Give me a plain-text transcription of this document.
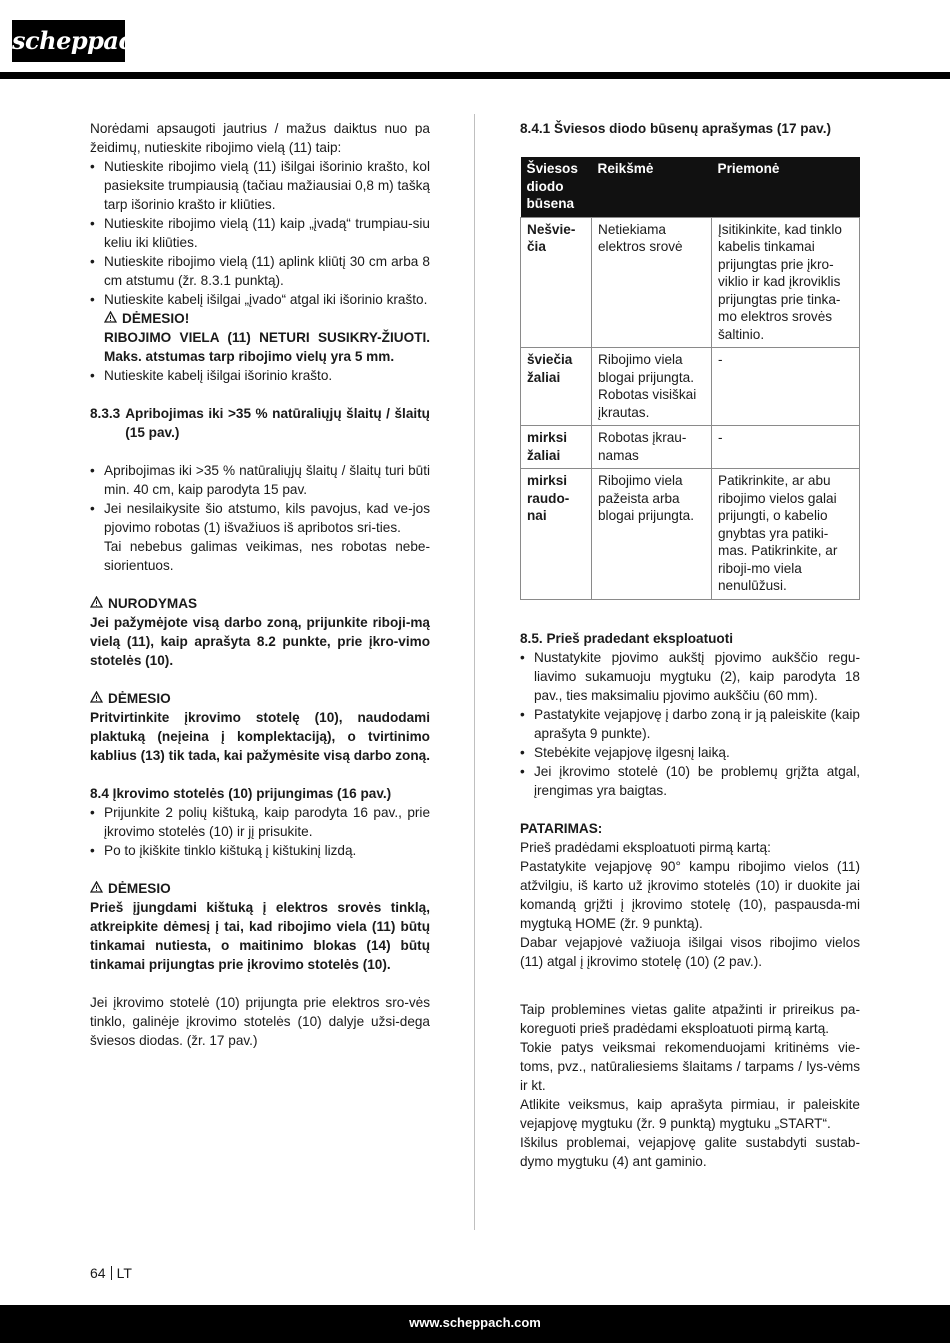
scheppach

Norėdami apsaugoti jautrius / mažus daiktus nuo pa žeidimų, nutieskite ribojimo vielą (11) taip:

• Nutieskite ribojimo vielą (11) išilgai išorinio krašto, kol pasieksite trumpiausią (tačiau mažiausiai 0,8 m) tašką tarp išorinio krašto ir kliūties.
• Nutieskite ribojimo vielą (11) kaip „įvadą“ trumpiau-siu keliu iki kliūties.
• Nutieskite ribojimo vielą (11) aplink kliūtį 30 cm arba 8 cm atstumu (žr. 8.3.1 punktą).
• Nutieskite kabelį išilgai „įvado“ atgal iki išorinio krašto.
DĖMESIO!

RIBOJIMO VIELA (11) NETURI SUSIKRY-ŽIUOTI. Maks. atstumas tarp ribojimo vielų yra 5 mm.

• Nutieskite kabelį išilgai išorinio krašto.
8.3.3 Apribojimas iki >35 % natūraliųjų šlaitų / šlaitų (15 pav.)
• Apribojimas iki >35 % natūraliųjų šlaitų / šlaitų turi būti min. 40 cm, kaip parodyta 15 pav.
• Jei nesilaikysite šio atstumo, kils pavojus, kad ve-jos pjovimo robotas (1) išvažiuos iš apribotos sri-ties.

Tai nebebus galimas veikimas, nes robotas nebe-siorientuos.

NURODYMAS

Jei pažymėjote visą darbo zoną, prijunkite riboji-mą vielą (11), kaip aprašyta 8.2 punkte, prie įkro-vimo stotelės (10).

DĖMESIO

Pritvirtinkite įkrovimo stotelę (10), naudodami plaktuką (neįeina į komplektaciją), o tvirtinimo kablius (13) tik tada, kai pažymėsite visą darbo zoną.

8.4 Įkrovimo stotelės (10) prijungimas (16 pav.)
• Prijunkite 2 polių kištuką, kaip parodyta 16 pav., prie įkrovimo stotelės (10) ir jį prisukite.
• Po to įkiškite tinklo kištuką į kištukinį lizdą.
DĖMESIO

Prieš įjungdami kištuką į elektros srovės tinklą, atkreipkite dėmesį į tai, kad ribojimo viela (11) būtų tinkamai nutiesta, o maitinimo blokas (14) būtų tinkamai prijungtas prie įkrovimo stotelės (10).

Jei įkrovimo stotelė (10) prijungta prie elektros sro-vės tinklo, galinėje įkrovimo stotelės (10) dalyje užsi-dega šviesos diodas. (žr. 17 pav.)

8.4.1 Šviesos diodo būsenų aprašymas (17 pav.)
Šviesos diodo būsena	Reikšmė	Priemonė
Nešvie-čia	Netiekiama elektros srovė	Įsitikinkite, kad tinklo kabelis tinkamai prijungtas prie įkro-viklio ir kad įkroviklis prijungtas prie tinka-mo elektros srovės šaltinio.
šviečia žaliai	Ribojimo viela blogai prijungta. Robotas visiškai įkrautas.	-
mirksi žaliai	Robotas įkrau-namas	-
mirksi raudo-nai	Ribojimo viela pažeista arba blogai prijungta.	Patikrinkite, ar abu ribojimo vielos galai prijungti, o kabelio gnybtas yra patiki-mas. Patikrinkite, ar riboji-mo viela nenulūžusi.
8.5. Prieš pradedant eksploatuoti
• Nustatykite pjovimo aukštį pjovimo aukščio regu-liavimo sukamuoju mygtuku (2), kaip parodyta 18 pav., ties maksimaliu pjovimo aukščiu (60 mm).
• Pastatykite vejapjovę į darbo zoną ir ją paleiskite (kaip aprašyta 9 punkte).
• Stebėkite vejapjovę ilgesnį laiką.
• Jei įkrovimo stotelė (10) be problemų grįžta atgal, įrengimas yra baigtas.
PATARIMAS:

Prieš pradėdami eksploatuoti pirmą kartą:

Pastatykite vejapjovę 90° kampu ribojimo vielos (11) atžvilgiu, iš karto už įkrovimo stotelės (10) ir duokite jai komandą grįžti į įkrovimo stotelę (10), paspausda-mi mygtuką HOME (žr. 9 punktą).

Dabar vejapjovė važiuoja išilgai visos ribojimo vielos (11) atgal į įkrovimo stotelę (10) (2 pav.).

Taip problemines vietas galite atpažinti ir prireikus pa-koreguoti prieš pradėdami eksploatuoti pirmą kartą.

Tokie patys veiksmai rekomenduojami kritinėms vie-toms, pvz., natūraliesiems šlaitams / tarpams / lys-vėms ir kt.

Atlikite veiksmus, kaip aprašyta pirmiau, ir paleiskite vejapjovę mygtuku (žr. 9 punktą) mygtuku „START“.

Iškilus problemai, vejapjovę galite sustabdyti sustab-dymo mygtuku (4) ant gaminio.

64 LT
www.scheppach.com
